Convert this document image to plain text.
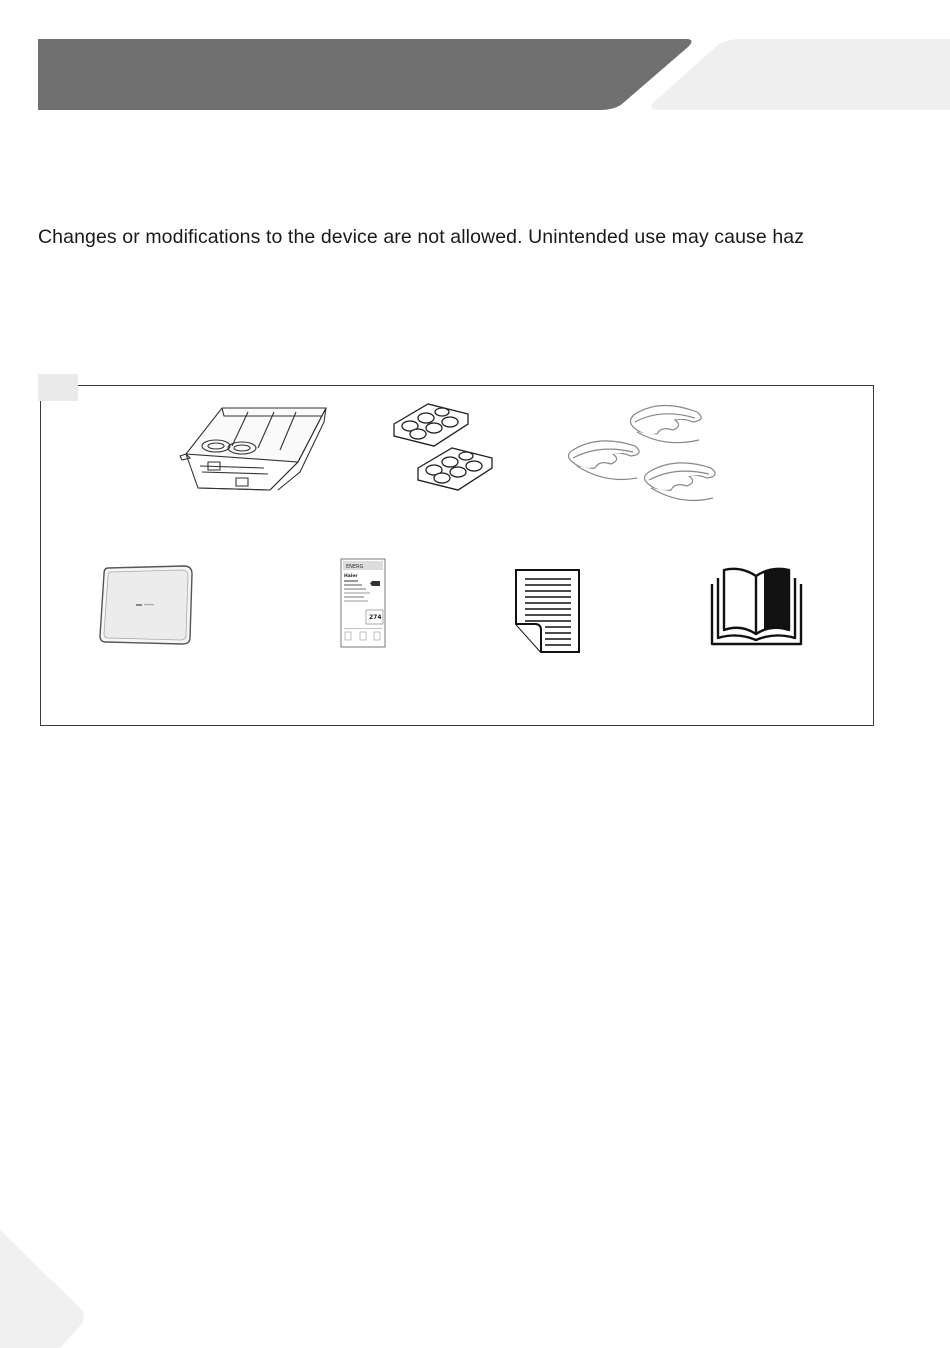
Changes or modifications to the device are not allowed. Unintended use may cause haz
ENERG
Haier
274
